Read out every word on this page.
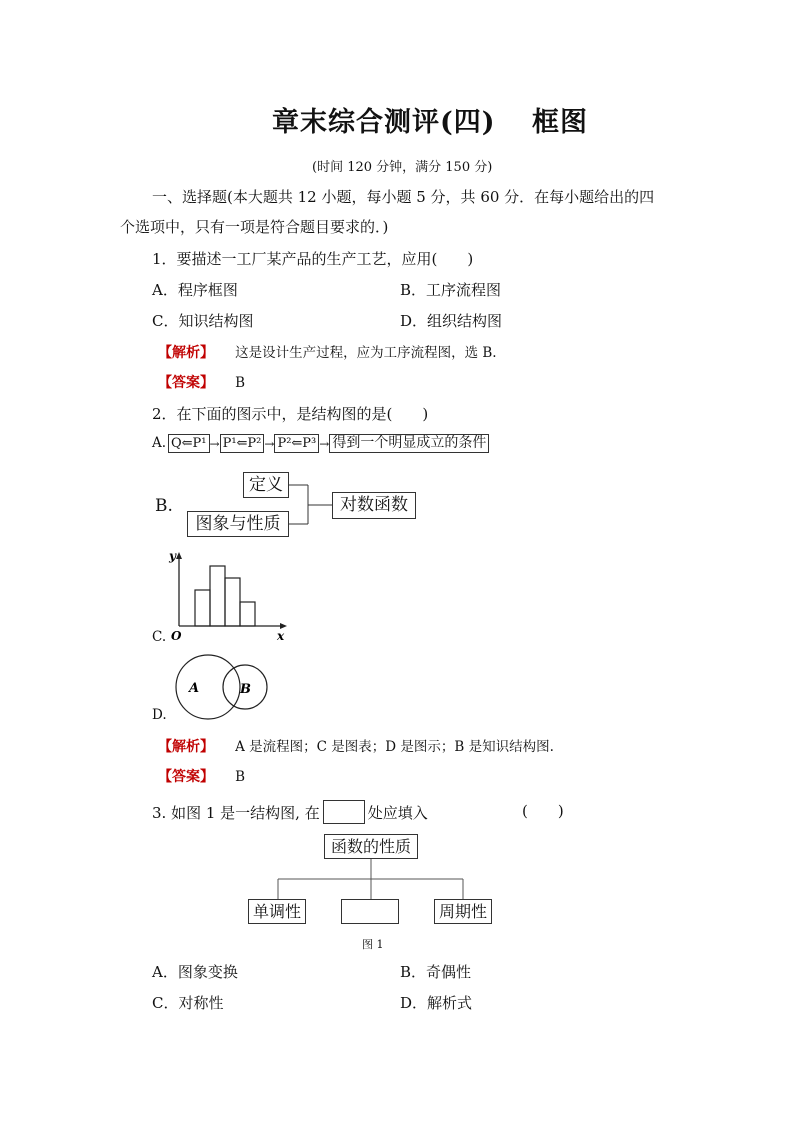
章末综合测评(四) 框图
(时间 120 分钟，满分 150 分)
一、选择题(本大题共 12 小题，每小题 5 分，共 60 分．在每小题给出的四
个选项中，只有一项是符合题目要求的．)
1．要描述一工厂某产品的生产工艺，应用(　　)
A．程序框图	B．工序流程图
C．知识结构图	D．组织结构图
【解析】 这是设计生产过程，应为工序流程图，选 B.
【答案】 B
2．在下面的图示中，是结构图的是(　　)
A. Q⇐P¹ → P¹⇐P² → P²⇐P³ → 得到一个明显成立的条件
B.
定义
图象与性质
对数函数
y
x
O
C.
A	B
D.
【解析】 A 是流程图；C 是图表；D 是图示；B 是知识结构图.
【答案】 B
3. 如图 1 是一结构图, 在	处应填入	(　　)
函数的性质
单调性	周期性
图 1
A．图象变换	B．奇偶性
C．对称性	D．解析式
